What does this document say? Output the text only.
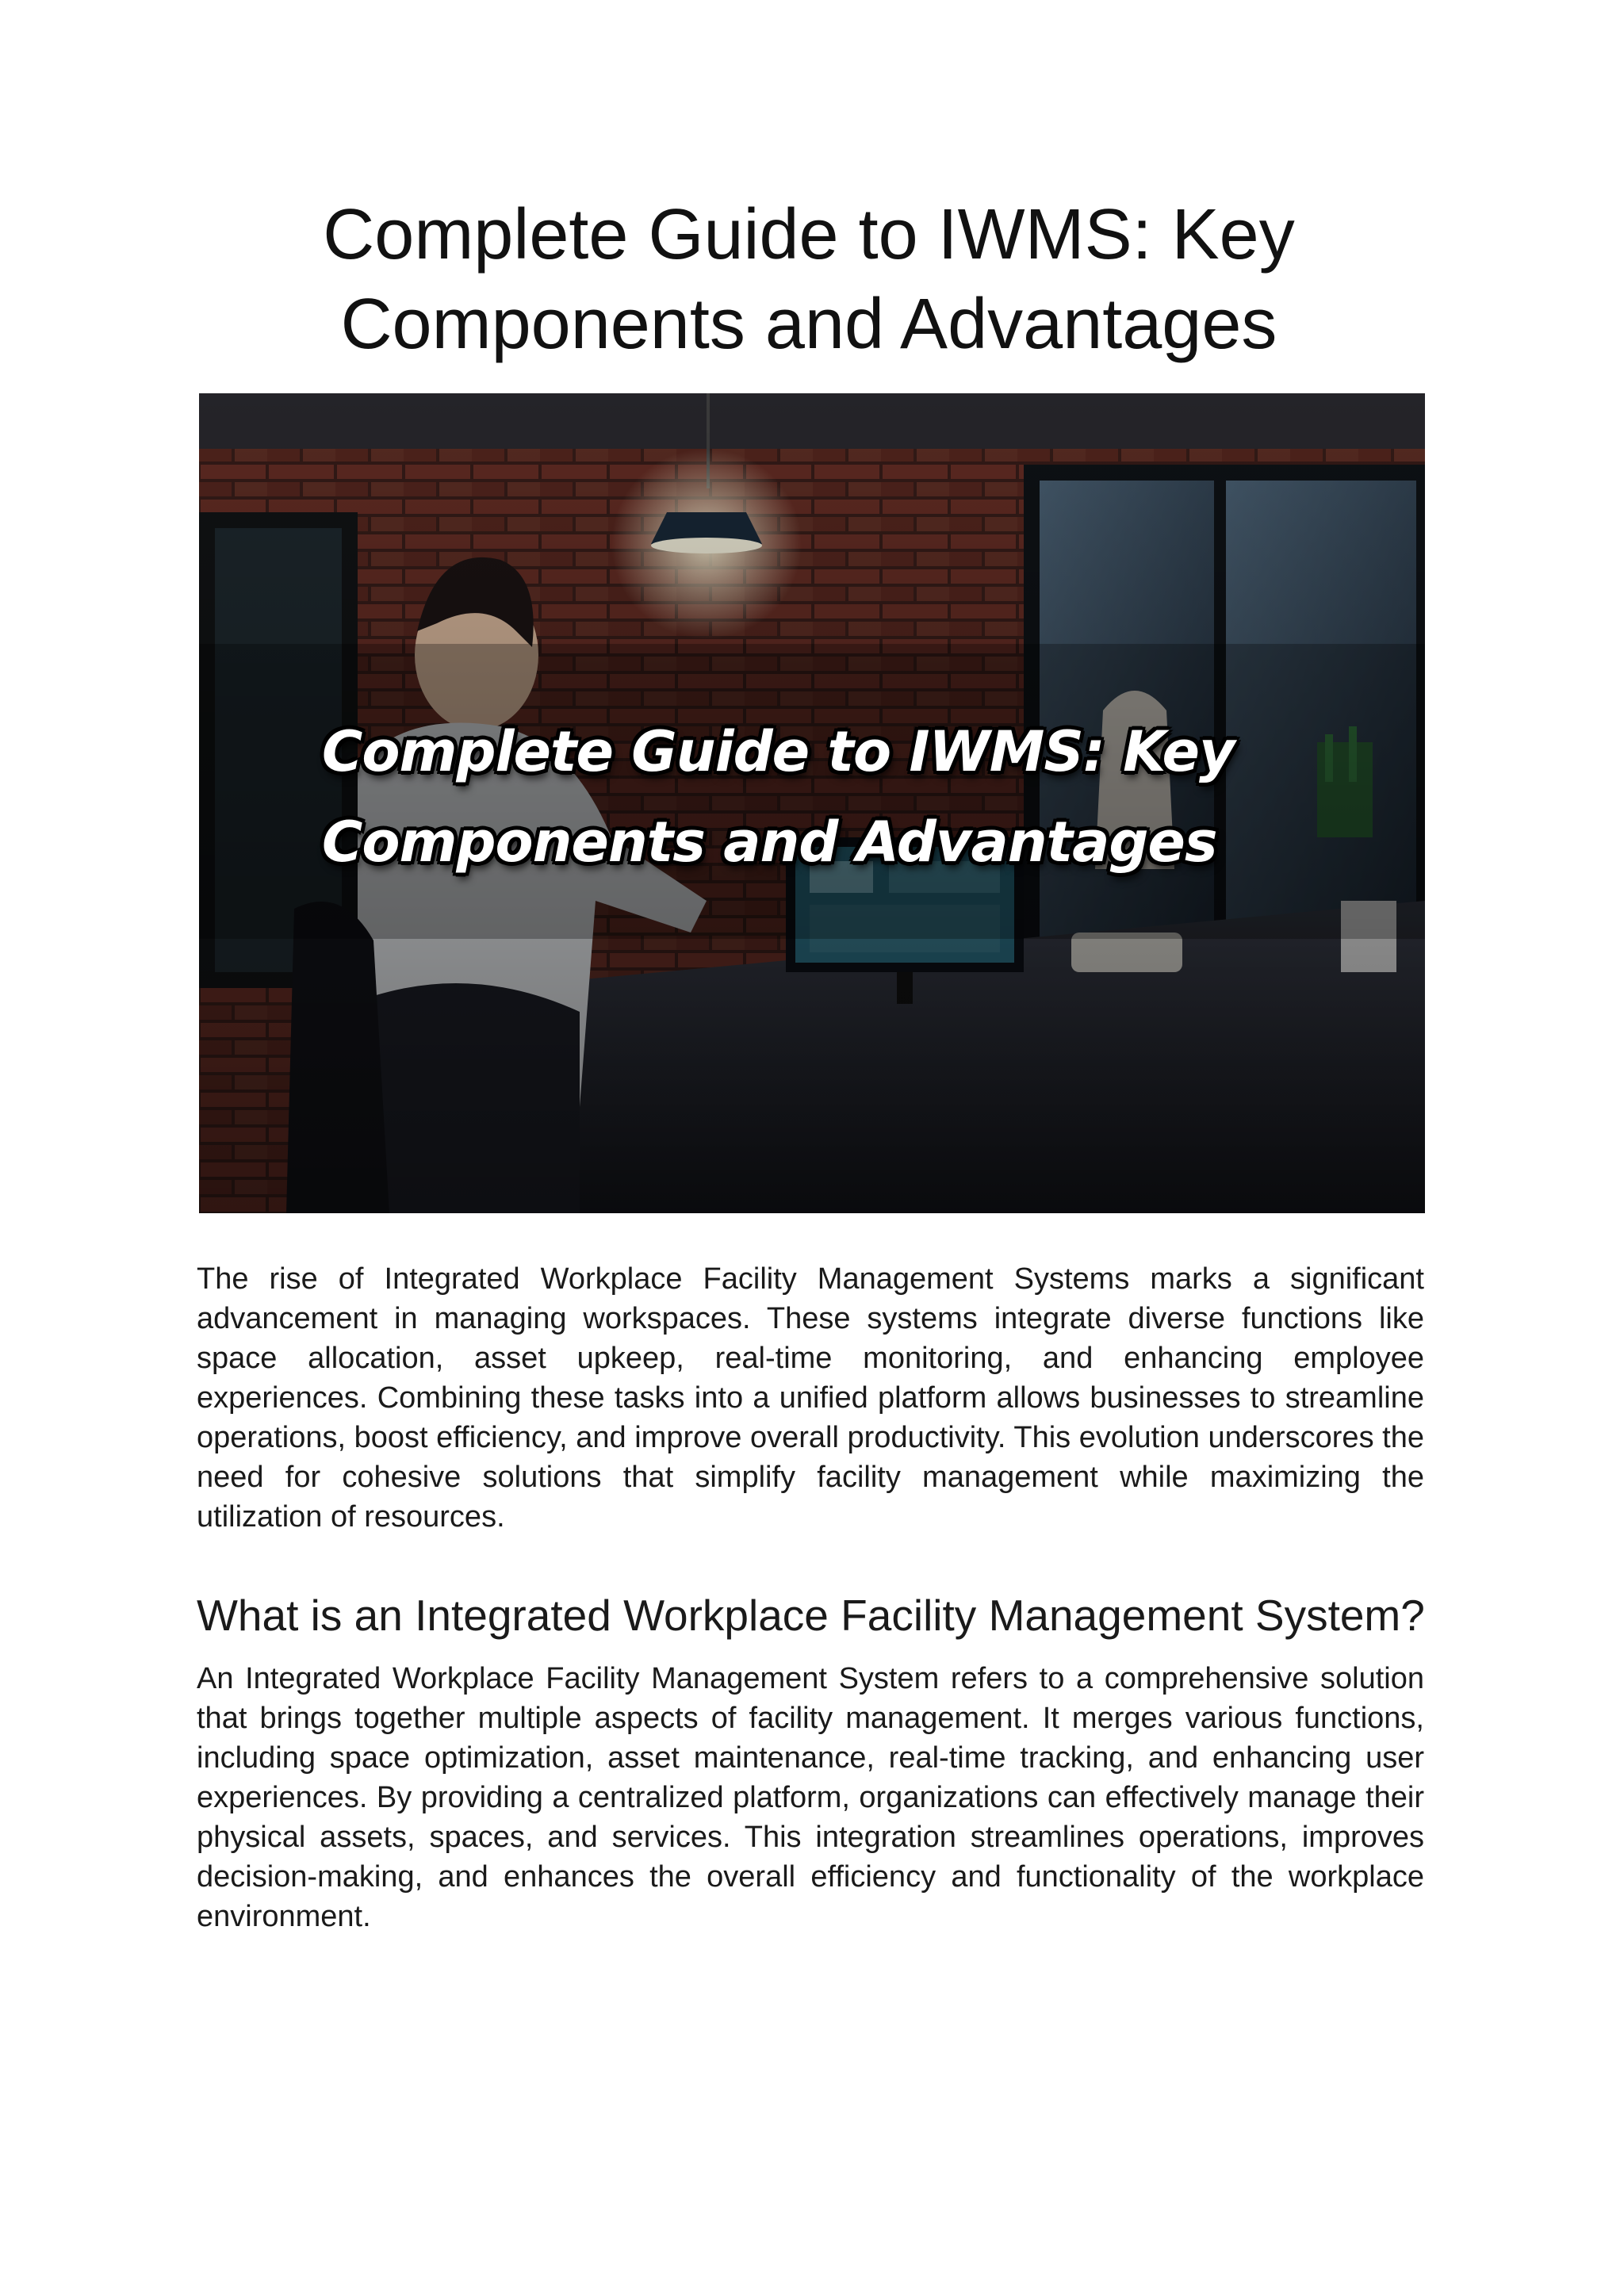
Complete Guide to IWMS: Key Components and Advantages
Complete Guide to IWMS: Key
Components and Advantages

The rise of Integrated Workplace Facility Management Systems marks a significant advancement in managing workspaces. These systems integrate diverse functions like space allocation, asset upkeep, real-time monitoring, and enhancing employee experiences. Combining these tasks into a unified platform allows businesses to streamline operations, boost efficiency, and improve overall productivity. This evolution underscores the need for cohesive solutions that simplify facility management while maximizing the utilization of resources.

What is an Integrated Workplace Facility Management System?

An Integrated Workplace Facility Management System refers to a comprehensive solution that brings together multiple aspects of facility management. It merges various functions, including space optimization, asset maintenance, real-time tracking, and enhancing user experiences. By providing a centralized platform, organizations can effectively manage their physical assets, spaces, and services. This integration streamlines operations, improves decision-making, and enhances the overall efficiency and functionality of the workplace environment.
